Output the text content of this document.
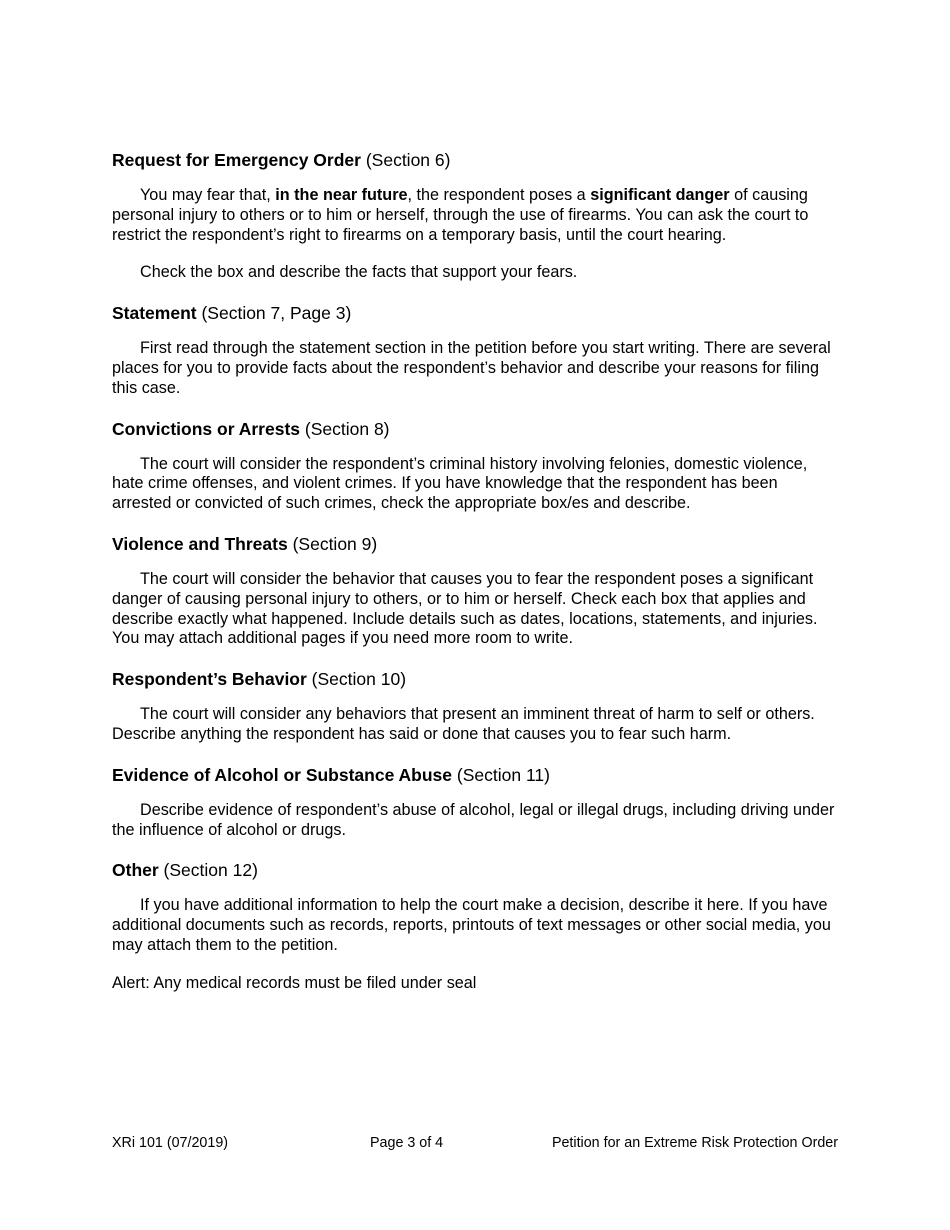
Request for Emergency Order (Section 6)

You may fear that, in the near future, the respondent poses a significant danger of causing personal injury to others or to him or herself, through the use of firearms. You can ask the court to restrict the respondent’s right to firearms on a temporary basis, until the court hearing.

Check the box and describe the facts that support your fears.

Statement (Section 7, Page 3)

First read through the statement section in the petition before you start writing. There are several places for you to provide facts about the respondent’s behavior and describe your reasons for filing this case.

Convictions or Arrests (Section 8)

The court will consider the respondent’s criminal history involving felonies, domestic violence, hate crime offenses, and violent crimes. If you have knowledge that the respondent has been arrested or convicted of such crimes, check the appropriate box/es and describe.

Violence and Threats (Section 9)

The court will consider the behavior that causes you to fear the respondent poses a significant danger of causing personal injury to others, or to him or herself. Check each box that applies and describe exactly what happened. Include details such as dates, locations, statements, and injuries. You may attach additional pages if you need more room to write.

Respondent’s Behavior (Section 10)

The court will consider any behaviors that present an imminent threat of harm to self or others. Describe anything the respondent has said or done that causes you to fear such harm.

Evidence of Alcohol or Substance Abuse (Section 11)

Describe evidence of respondent’s abuse of alcohol, legal or illegal drugs, including driving under the influence of alcohol or drugs.

Other (Section 12)

If you have additional information to help the court make a decision, describe it here. If you have additional documents such as records, reports, printouts of text messages or other social media, you may attach them to the petition.

Alert: Any medical records must be filed under seal

XRi 101 (07/2019)	Page 3 of 4	Petition for an Extreme Risk Protection Order
